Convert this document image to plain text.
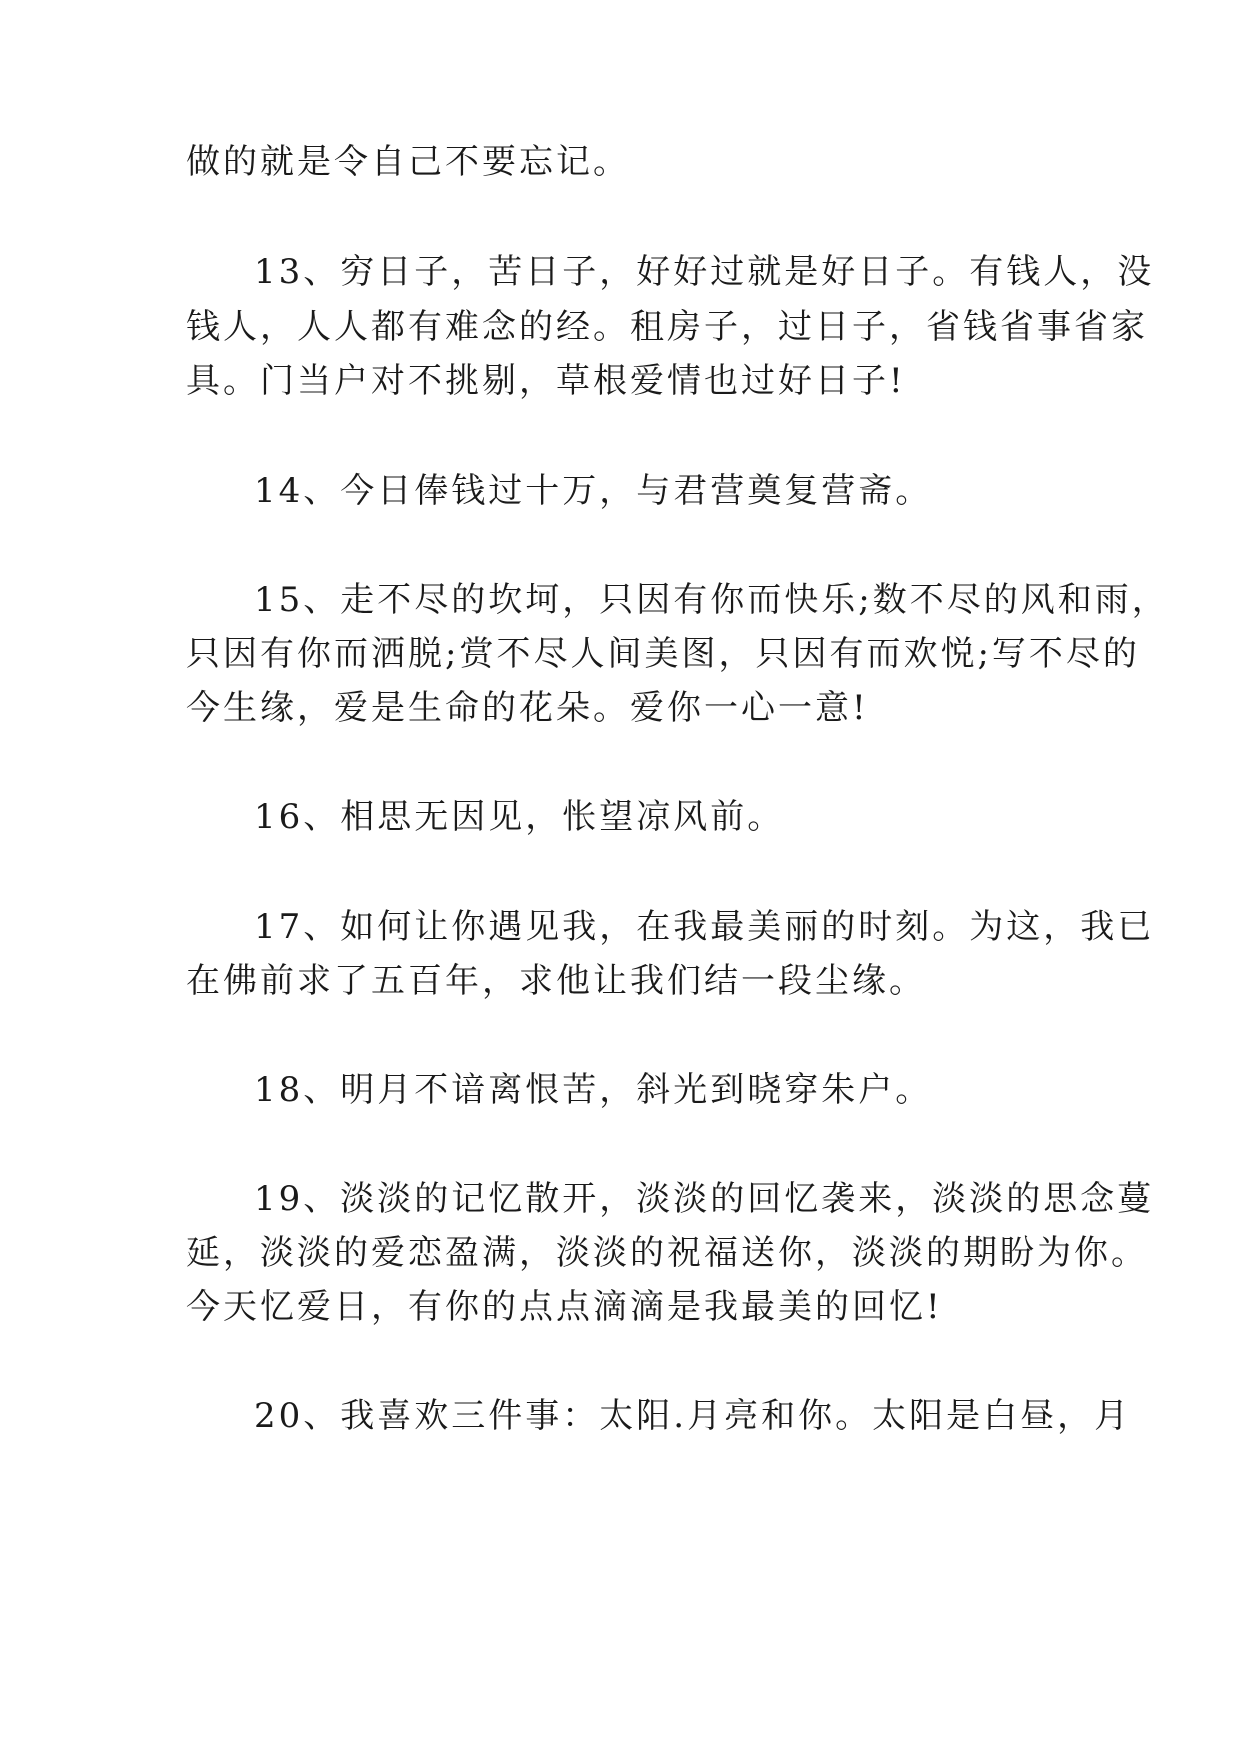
做的就是令自己不要忘记。
13、穷日子，苦日子，好好过就是好日子。有钱人，没
钱人，人人都有难念的经。租房子，过日子，省钱省事省家
具。门当户对不挑剔，草根爱情也过好日子!
14、今日俸钱过十万，与君营奠复营斋。
15、走不尽的坎坷，只因有你而快乐;数不尽的风和雨，
只因有你而洒脱;赏不尽人间美图，只因有而欢悦;写不尽的
今生缘，爱是生命的花朵。爱你一心一意!
16、相思无因见，怅望凉风前。
17、如何让你遇见我，在我最美丽的时刻。为这，我已
在佛前求了五百年，求他让我们结一段尘缘。
18、明月不谙离恨苦，斜光到晓穿朱户。
19、淡淡的记忆散开，淡淡的回忆袭来，淡淡的思念蔓
延，淡淡的爱恋盈满，淡淡的祝福送你，淡淡的期盼为你。
今天忆爱日，有你的点点滴滴是我最美的回忆!
20、我喜欢三件事：太阳.月亮和你。太阳是白昼，月
